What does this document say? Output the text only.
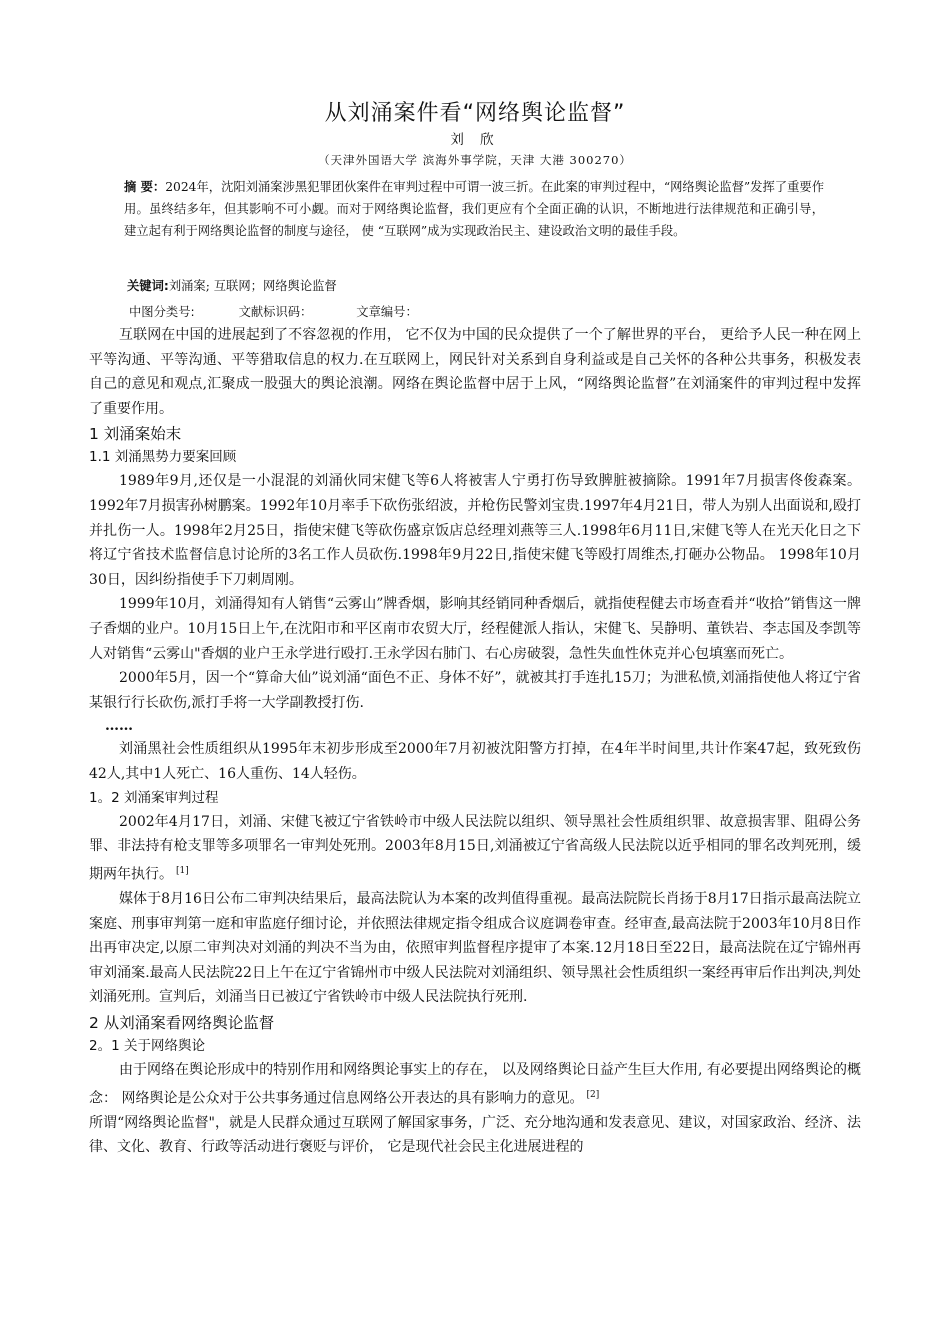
从刘涌案件看“网络舆论监督”
刘 欣
（天津外国语大学 滨海外事学院，天津 大港 300270）

摘 要：2024年，沈阳刘涌案涉黑犯罪团伙案件在审判过程中可谓一波三折。在此案的审判过程中，“网络舆论监督”发挥了重要作用。虽终结多年，但其影响不可小觑。而对于网络舆论监督，我们更应有个全面正确的认识，不断地进行法律规范和正确引导，建立起有利于网络舆论监督的制度与途径， 使 “互联网”成为实现政治民主、建设政治文明的最佳手段。

关键词:刘涌案; 互联网；网络舆论监督

中图分类号:	文献标识码：	文章编号：

互联网在中国的进展起到了不容忽视的作用， 它不仅为中国的民众提供了一个了解世界的平台， 更给予人民一种在网上平等沟通、平等沟通、平等猎取信息的权力.在互联网上，网民针对关系到自身利益或是自己关怀的各种公共事务，积极发表自己的意见和观点,汇聚成一股强大的舆论浪潮。网络在舆论监督中居于上风，“网络舆论监督”在刘涌案件的审判过程中发挥了重要作用。

1 刘涌案始末
1.1 刘涌黑势力要案回顾

1989年9月,还仅是一小混混的刘涌伙同宋健飞等6人将被害人宁勇打伤导致脾脏被摘除。1991年7月损害佟俊森案。1992年7月损害孙树鹏案。1992年10月率手下砍伤张绍波，并枪伤民警刘宝贵.1997年4月21日，带人为别人出面说和,殴打并扎伤一人。1998年2月25日，指使宋健飞等砍伤盛京饭店总经理刘燕等三人.1998年6月11日,宋健飞等人在光天化日之下将辽宁省技术监督信息讨论所的3名工作人员砍伤.1998年9月22日,指使宋健飞等殴打周维杰,打砸办公物品。 1998年10月30日，因纠纷指使手下刀刺周刚。

1999年10月，刘涌得知有人销售“云雾山”牌香烟，影响其经销同种香烟后，就指使程健去市场查看并“收拾”销售这一牌子香烟的业户。10月15日上午,在沈阳市和平区南市农贸大厅，经程健派人指认，宋健飞、吴静明、董铁岩、李志国及李凯等人对销售“云雾山"香烟的业户王永学进行殴打.王永学因右肺门、右心房破裂，急性失血性休克并心包填塞而死亡。

2000年5月，因一个“算命大仙”说刘涌“面色不正、身体不好”，就被其打手连扎15刀；为泄私愤,刘涌指使他人将辽宁省某银行行长砍伤,派打手将一大学副教授打伤.

……

刘涌黑社会性质组织从1995年末初步形成至2000年7月初被沈阳警方打掉，在4年半时间里,共计作案47起，致死致伤42人,其中1人死亡、16人重伤、14人轻伤。

1。2 刘涌案审判过程

2002年4月17日，刘涌、宋健飞被辽宁省铁岭市中级人民法院以组织、领导黑社会性质组织罪、故意损害罪、阻碍公务罪、非法持有枪支罪等多项罪名一审判处死刑。2003年8月15日,刘涌被辽宁省高级人民法院以近乎相同的罪名改判死刑，缓期两年执行。 [1]

媒体于8月16日公布二审判决结果后，最高法院认为本案的改判值得重视。最高法院院长肖扬于8月17日指示最高法院立案庭、刑事审判第一庭和审监庭仔细讨论，并依照法律规定指令组成合议庭调卷审查。经审查,最高法院于2003年10月8日作出再审决定,以原二审判决对刘涌的判决不当为由，依照审判监督程序提审了本案.12月18日至22日，最高法院在辽宁锦州再审刘涌案.最高人民法院22日上午在辽宁省锦州市中级人民法院对刘涌组织、领导黑社会性质组织一案经再审后作出判决,判处刘涌死刑。宣判后，刘涌当日已被辽宁省铁岭市中级人民法院执行死刑.

2 从刘涌案看网络舆论监督
2。1 关于网络舆论

由于网络在舆论形成中的特别作用和网络舆论事实上的存在， 以及网络舆论日益产生巨大作用, 有必要提出网络舆论的概念： 网络舆论是公众对于公共事务通过信息网络公开表达的具有影响力的意见。 [2]
所谓“网络舆论监督"，就是人民群众通过互联网了解国家事务，广泛、充分地沟通和发表意见、建议，对国家政治、经济、法律、文化、教育、行政等活动进行褒贬与评价， 它是现代社会民主化进展进程的
